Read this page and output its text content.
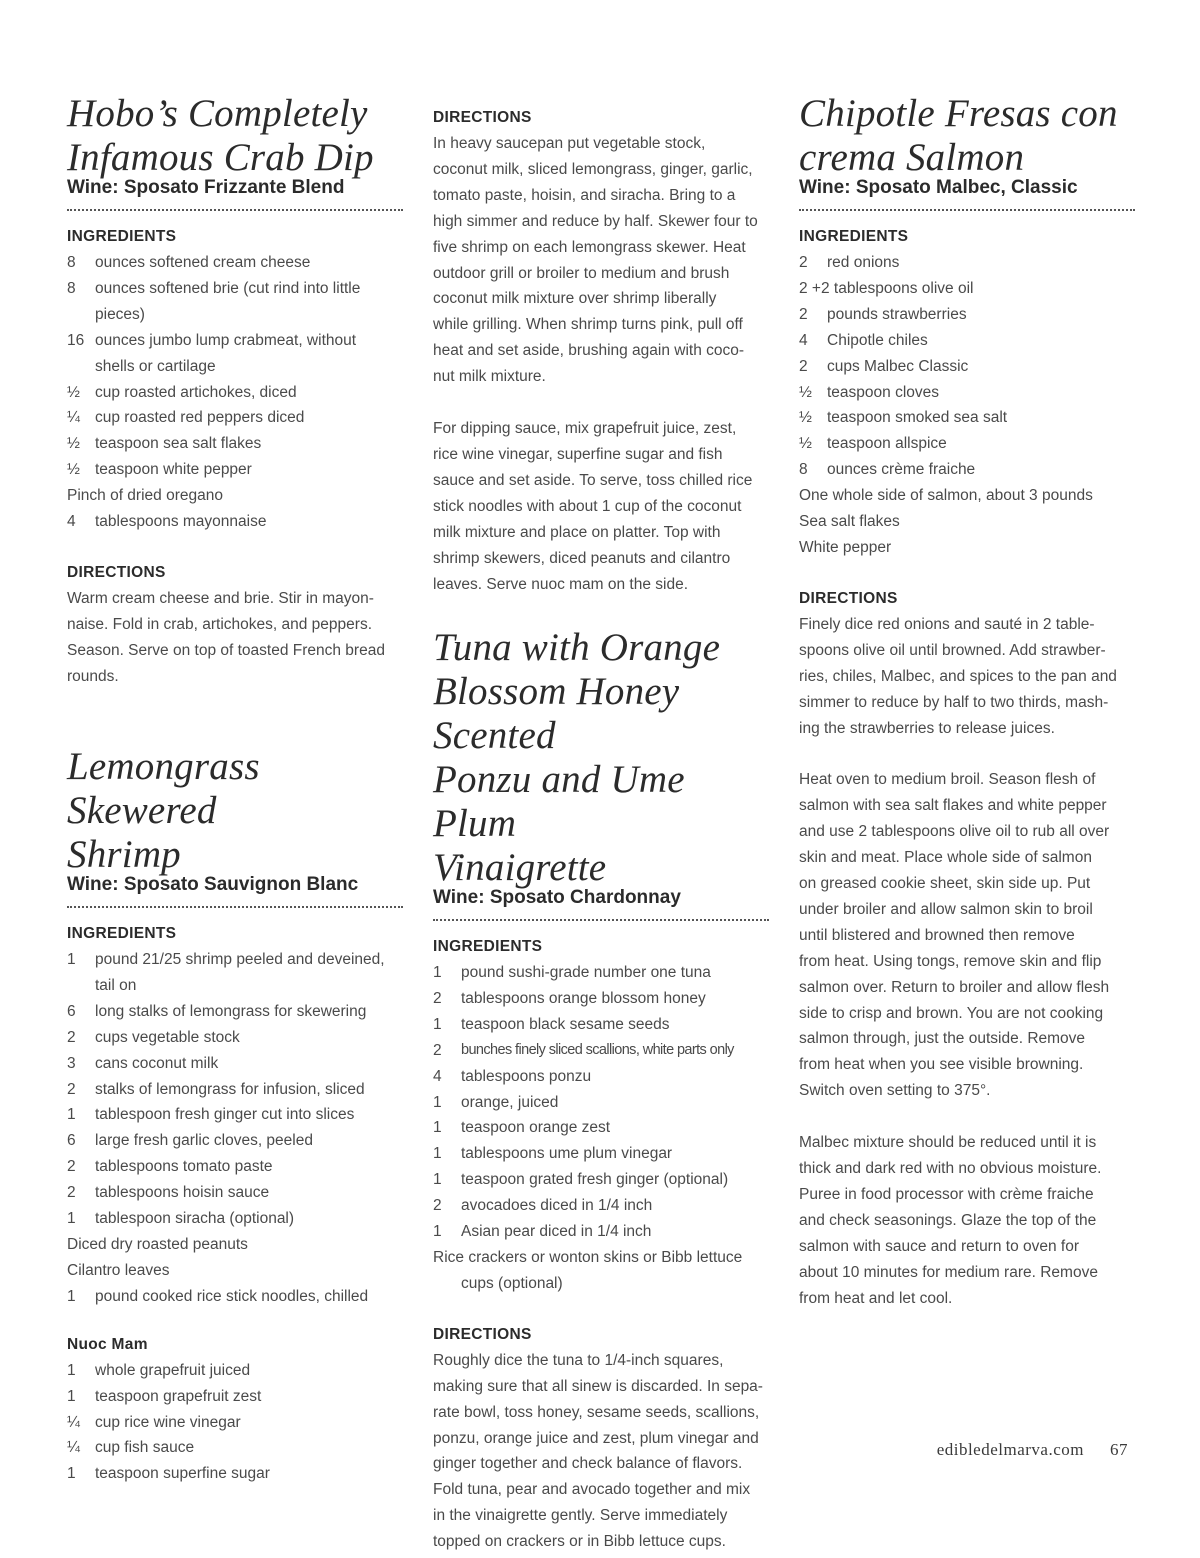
Hobo’s Completely
Infamous Crab Dip
Wine: Sposato Frizzante Blend
INGREDIENTS
8	ounces softened cream cheese
8	ounces softened brie (cut rind into little pieces)
16 ounces jumbo lump crabmeat, without shells or cartilage
½ cup roasted artichokes, diced
¼ cup roasted red peppers diced
½ teaspoon sea salt flakes
½ teaspoon white pepper
Pinch of dried oregano
4	tablespoons mayonnaise
DIRECTIONS
Warm cream cheese and brie. Stir in mayon-
naise. Fold in crab, artichokes, and peppers.
Season. Serve on top of toasted French bread
rounds.
Lemongrass Skewered
Shrimp
Wine: Sposato Sauvignon Blanc
INGREDIENTS
1	pound 21/25 shrimp peeled and deveined, tail on
6	long stalks of lemongrass for skewering
2	cups vegetable stock
3	cans coconut milk
2	stalks of lemongrass for infusion, sliced
1	tablespoon fresh ginger cut into slices
6	large fresh garlic cloves, peeled
2	tablespoons tomato paste
2	tablespoons hoisin sauce
1	tablespoon siracha (optional)
Diced dry roasted peanuts
Cilantro leaves
1	pound cooked rice stick noodles, chilled
Nuoc Mam
1	whole grapefruit juiced
1	teaspoon grapefruit zest
¼ cup rice wine vinegar
¼ cup fish sauce
1	teaspoon superfine sugar
DIRECTIONS
In heavy saucepan put vegetable stock,
coconut milk, sliced lemongrass, ginger, garlic,
tomato paste, hoisin, and siracha. Bring to a
high simmer and reduce by half. Skewer four to
five shrimp on each lemongrass skewer. Heat
outdoor grill or broiler to medium and brush
coconut milk mixture over shrimp liberally
while grilling. When shrimp turns pink, pull off
heat and set aside, brushing again with coco-
nut milk mixture.
For dipping sauce, mix grapefruit juice, zest,
rice wine vinegar, superfine sugar and fish
sauce and set aside. To serve, toss chilled rice
stick noodles with about 1 cup of the coconut
milk mixture and place on platter. Top with
shrimp skewers, diced peanuts and cilantro
leaves. Serve nuoc mam on the side.
Tuna with Orange
Blossom Honey Scented
Ponzu and Ume Plum
Vinaigrette
Wine: Sposato Chardonnay
INGREDIENTS
1	pound sushi-grade number one tuna
2	tablespoons orange blossom honey
1	teaspoon black sesame seeds
2	bunches finely sliced scallions, white parts only
4	tablespoons ponzu
1	orange, juiced
1	teaspoon orange zest
1	tablespoons ume plum vinegar
1	teaspoon grated fresh ginger (optional)
2	avocadoes diced in 1/4 inch
1	Asian pear diced in 1/4 inch
Rice crackers or wonton skins or Bibb lettuce cups (optional)
DIRECTIONS
Roughly dice the tuna to 1/4-inch squares,
making sure that all sinew is discarded. In sepa-
rate bowl, toss honey, sesame seeds, scallions,
ponzu, orange juice and zest, plum vinegar and
ginger together and check balance of flavors.
Fold tuna, pear and avocado together and mix
in the vinaigrette gently. Serve immediately
topped on crackers or in Bibb lettuce cups.
Chipotle Fresas con
crema Salmon
Wine: Sposato Malbec, Classic
INGREDIENTS
2	red onions
2 +2 tablespoons olive oil
2	pounds strawberries
4	Chipotle chiles
2	cups Malbec Classic
½ teaspoon cloves
½ teaspoon smoked sea salt
½ teaspoon allspice
8	ounces crème fraiche
One whole side of salmon, about 3 pounds
Sea salt flakes
White pepper
DIRECTIONS
Finely dice red onions and sauté in 2 table-
spoons olive oil until browned. Add strawber-
ries, chiles, Malbec, and spices to the pan and
simmer to reduce by half to two thirds, mash-
ing the strawberries to release juices.
Heat oven to medium broil. Season flesh of
salmon with sea salt flakes and white pepper
and use 2 tablespoons olive oil to rub all over
skin and meat. Place whole side of salmon
on greased cookie sheet, skin side up. Put
under broiler and allow salmon skin to broil
until blistered and browned then remove
from heat. Using tongs, remove skin and flip
salmon over. Return to broiler and allow flesh
side to crisp and brown. You are not cooking
salmon through, just the outside. Remove
from heat when you see visible browning.
Switch oven setting to 375°.
Malbec mixture should be reduced until it is
thick and dark red with no obvious moisture.
Puree in food processor with crème fraiche
and check seasonings. Glaze the top of the
salmon with sauce and return to oven for
about 10 minutes for medium rare. Remove
from heat and let cool.
edibledelmarva.com 67
